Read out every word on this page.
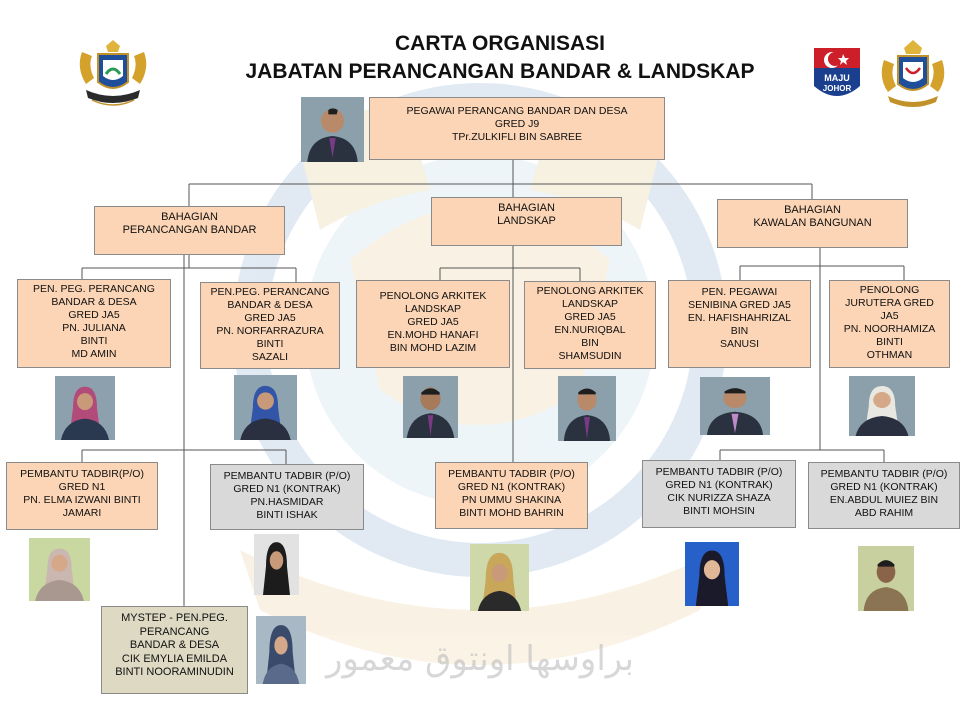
براوسها اونتوق معمور
CARTA ORGANISASI
JABATAN PERANCANGAN BANDAR & LANDSKAP	MAJU
JOHOR
PEGAWAI PERANCANG BANDAR DAN DESA
GRED J9
TPr.ZULKIFLI BIN SABREE
BAHAGIAN
PERANCANGAN BANDAR
BAHAGIAN
LANDSKAP
BAHAGIAN
KAWALAN BANGUNAN
PEN. PEG. PERANCANG
BANDAR & DESA
GRED JA5
PN. JULIANA
BINTI
MD AMIN
PEN.PEG. PERANCANG
BANDAR & DESA
GRED JA5
PN. NORFARRAZURA
BINTI
SAZALI
PENOLONG ARKITEK
LANDSKAP
GRED JA5
EN.MOHD HANAFI
BIN MOHD LAZIM
PENOLONG ARKITEK
LANDSKAP
GRED JA5
EN.NURIQBAL
BIN
SHAMSUDIN
PEN. PEGAWAI
SENIBINA GRED JA5
EN. HAFISHAHRIZAL
BIN
SANUSI
PENOLONG
JURUTERA GRED
JA5
PN. NOORHAMIZA
BINTI
OTHMAN
PEMBANTU TADBIR(P/O)
GRED N1
PN. ELMA IZWANI BINTI
JAMARI
PEMBANTU TADBIR (P/O)
GRED N1 (KONTRAK)
PN.HASMIDAR
BINTI ISHAK
PEMBANTU TADBIR (P/O)
GRED N1 (KONTRAK)
PN UMMU SHAKINA
BINTI MOHD BAHRIN
PEMBANTU TADBIR (P/O)
GRED N1 (KONTRAK)
CIK NURIZZA SHAZA
BINTI MOHSIN
PEMBANTU TADBIR (P/O)
GRED N1 (KONTRAK)
EN.ABDUL MUIEZ BIN
ABD RAHIM
MYSTEP - PEN.PEG.
PERANCANG
BANDAR & DESA
CIK EMYLIA EMILDA
BINTI NOORAMINUDIN
